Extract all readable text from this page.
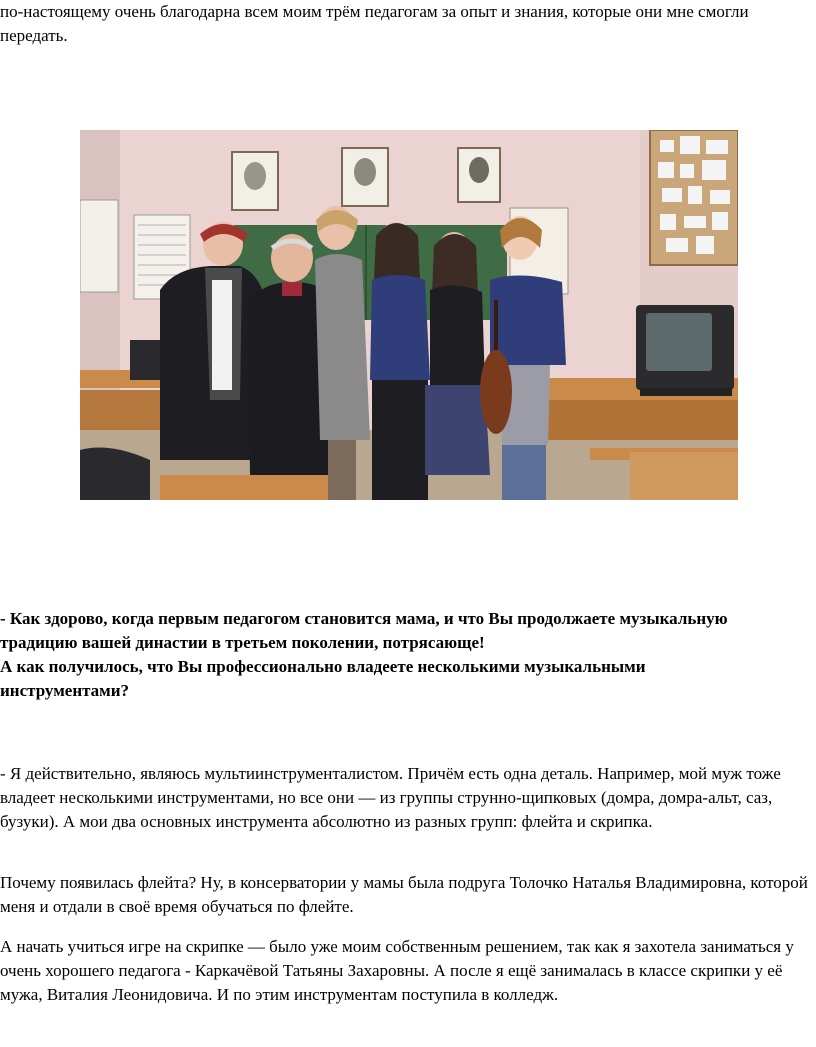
по-настоящему очень благодарна всем моим трём педагогам за опыт и знания, которые они мне смогли передать.

- Как здорово, когда первым педагогом становится мама, и что Вы продолжаете музыкальную
традицию вашей династии в третьем поколении, потрясающе!
А как получилось, что Вы профессионально владеете несколькими музыкальными
инструментами?

- Я действительно, являюсь мультиинструменталистом. Причём есть одна деталь. Например, мой муж тоже владеет несколькими инструментами, но все они — из группы струнно-щипковых (домра, домра-альт, саз, бузуки). А мои два основных инструмента абсолютно из разных групп: флейта и скрипка.

Почему появилась флейта? Ну, в консерватории у мамы была подруга Толочко Наталья Владимировна, которой меня и отдали в своё время обучаться по флейте.

А начать учиться игре на скрипке — было уже моим собственным решением, так как я захотела заниматься у очень хорошего педагога - Каркачёвой Татьяны Захаровны. А после я ещё занималась в классе скрипки у её мужа, Виталия Леонидовича. И по этим инструментам поступила в колледж.
